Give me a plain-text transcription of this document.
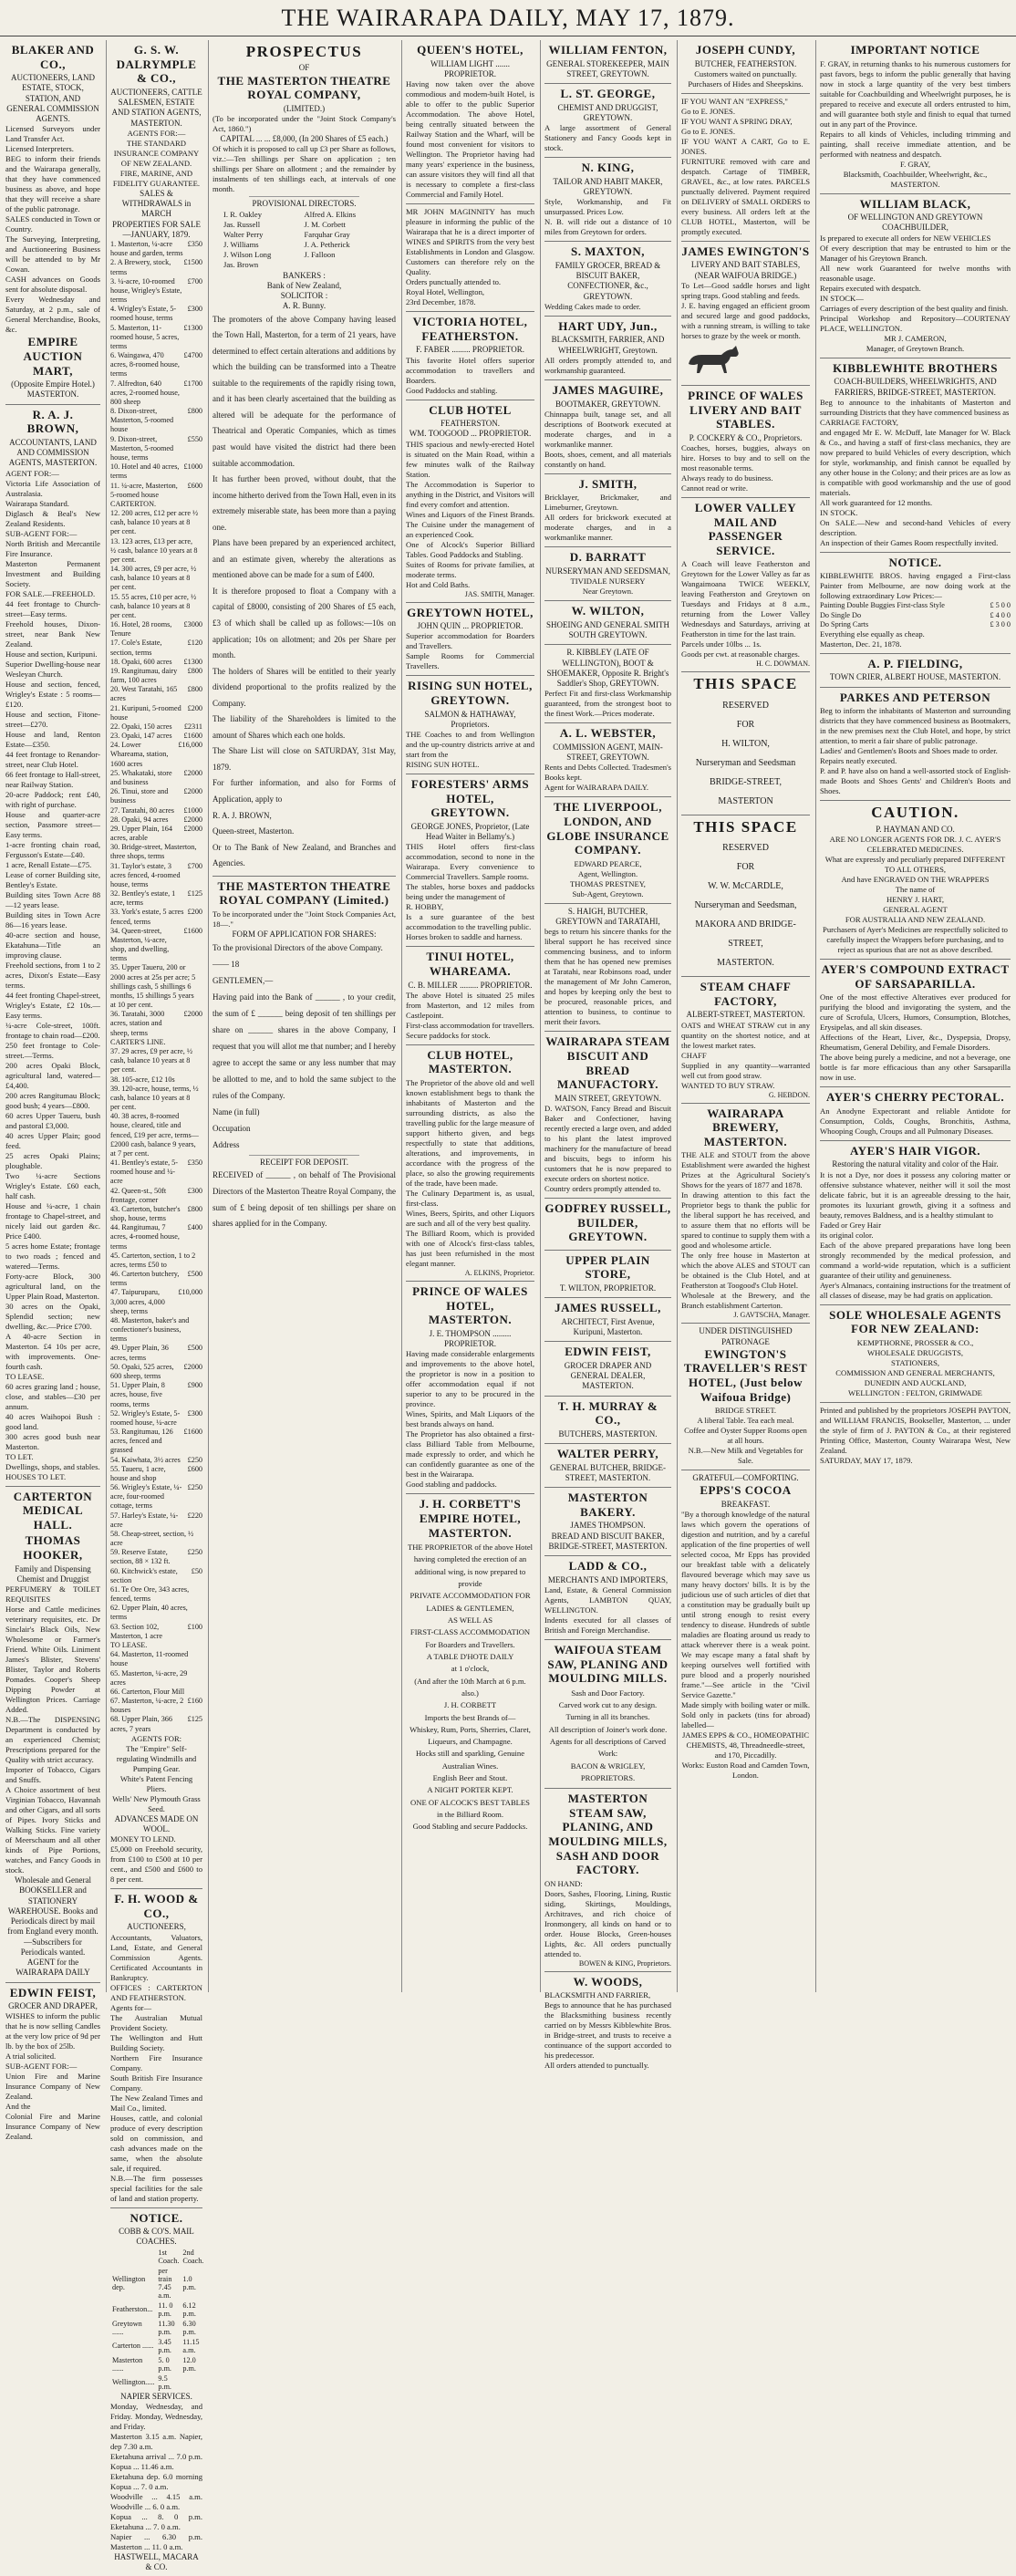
THE WAIRARAPA DAILY, MAY 17, 1879.
BLAKER AND CO.,
AUCTIONEERS, LAND ESTATE, STOCK, STATION, AND GENERAL COMMISSION AGENTS.
Licensed Surveyors under Land Transfer Act.
Licensed Interpreters.
BEG to inform their friends and the Wairarapa generally, that they have commenced business as above, and hope that they will receive a share of the public patronage.
SALES conducted in Town or Country.
The Surveying, Interpreting, and Auctioneering Business will be attended to by Mr Cowan.
CASH advances on Goods sent for absolute disposal.
Every Wednesday and Saturday, at 2 p.m., sale of General Merchandise, Books, &c.
EMPIRE AUCTION MART,
(Opposite Empire Hotel.)
MASTERTON.
R. A. J. BROWN,
ACCOUNTANTS, LAND AND COMMISSION AGENTS, MASTERTON.
AGENT FOR:—
Victoria Life Association of Australasia.
Wairarapa Standard.
Diglasch & Beal's New Zealand Residents.
SUB-AGENT FOR:—
North British and Mercantile Fire Insurance.
Masterton Permanent Investment and Building Society.
FOR SALE.—FREEHOLD.
44 feet frontage to Church-street—Easy terms.
Freehold houses, Dixon-street, near Bank New Zealand.
House and section, Kuripuni.
Superior Dwelling-house near Wesleyan Church.
House and section, fenced, Wrigley's Estate : 5 rooms—£120.
House and section, Fitone-street—£270.
House and land, Renton Estate—£350.
44 feet frontage to Renandor-street, near Club Hotel.
66 feet frontage to Hall-street, near Railway Station.
20-acre Paddock; rent £40, with right of purchase.
House and quarter-acre section, Passmore street—Easy terms.
1-acre fronting chain road, Fergusson's Estate—£40.
1 acre, Renall Estate—£75.
Lease of corner Building site, Bentley's Estate.
Building sites Town Acre 88—12 years lease.
Building sites in Town Acre 86—16 years lease.
40-acre section and house, Ekatahuna—Title an improving clause.
Freehold sections, from 1 to 2 acres, Dixon's Estate—Easy terms.
44 feet fronting Chapel-street, Wrigley's Estate, £2 10s.—Easy terms.
¼-acre Cole-street, 100ft. frontage to chain road—£200.
250 feet frontage to Cole-street.—Terms.
200 acres Opaki Block, agricultural land, watered—£4,400.
200 acres Rangitumau Block; good bush; 4 years—£800.
60 acres Upper Taueru, bush and pastoral £3,000.
40 acres Upper Plain; good feed.
25 acres Opaki Plains; ploughable.
Two ¼-acre Sections Wrigley's Estate. £60 each, half cash.
House and ¼-acre, 1 chain frontage to Chapel-street, and nicely laid out garden &c. Price £400.
5 acres home Estate; frontage to two roads ; fenced and watered—Terms.
Forty-acre Block, 300 agricultural land, on the Upper Plain Road, Masterton.
30 acres on the Opaki, Splendid section; new dwelling, &c.—Price £700.
A 40-acre Section in Masterton. £4 10s per acre, with improvements. One-fourth cash.
TO LEASE.
60 acres grazing land ; house, close, and stables—£30 per annum.
40 acres Waihopoi Bush : good land.
300 acres good bush near Masterton.
TO LET.
Dwellings, shops, and stables.
HOUSES TO LET.
CARTERTON MEDICAL HALL.
THOMAS HOOKER,
Family and Dispensing Chemist and Druggist
PERFUMERY & TOILET REQUISITES
Horse and Cattle medicines veterinary requisites, etc. Dr Sinclair's Black Oils, New Wholesome or Farmer's Friend. White Oils. Liniment James's Blister, Stevens' Blister, Taylor and Roberts Pomades. Cooper's Sheep Dipping Powder at Wellington Prices. Carriage Added.
N.B.—The DISPENSING Department is conducted by an experienced Chemist; Prescriptions prepared for the Quality with strict accuracy.
Importer of Tobacco, Cigars and Snuffs.
A Choice assortment of best Virginian Tobacco, Havannah and other Cigars, and all sorts of Pipes. Ivory Sticks and Walking Sticks. Fine variety of Meerschaum and all other kinds of Pipe Portions, watches, and Fancy Goods in stock.
Wholesale and General BOOKSELLER and STATIONERY WAREHOUSE. Books and Periodicals direct by mail from England every month.—Subscribers for Periodicals wanted.
AGENT for the WAIRARAPA DAILY
EDWIN FEIST,
GROCER AND DRAPER,
WISHES to inform the public that he is now selling Candles at the very low price of 9d per lb. by the box of 25lb.
A trial solicited.
SUB-AGENT FOR:—
Union Fire and Marine Insurance Company of New Zealand.
And the
Colonial Fire and Marine Insurance Company of New Zealand.
G. S. W. DALRYMPLE & CO.,
AUCTIONEERS, CATTLE SALESMEN, ESTATE AND STATION AGENTS, MASTERTON.
AGENTS FOR:—
THE STANDARD INSURANCE COMPANY OF NEW ZEALAND.
FIRE, MARINE, AND FIDELITY GUARANTEE.
SALES & WITHDRAWALS in MARCH
PROPERTIES FOR SALE—JANUARY, 1879.
1. Masterton, ¼-acre house and garden, terms
£350
2. A Brewery, stock, terms
£1500
3. ¼-acre, 10-roomed house, Wrigley's Estate, terms
£700
4. Wrigley's Estate, 5-roomed house, terms
£300
5. Masterton, 11-roomed house, 5 acres, terms
£1300
6. Waingawa, 470 acres, 8-roomed house, terms
£4700
7. Alfredton, 640 acres, 2-roomed house, 800 sheep
£1700
8. Dixon-street, Masterton, 5-roomed house
£800
9. Dixon-street, Masterton, 5-roomed house, terms
£550
10. Hotel and 40 acres, terms
£1000
11. ¼-acre, Masterton, 5-roomed house
£600
CARTERTON.
12. 200 acres, £12 per acre ½ cash, balance 10 years at 8 per cent.
13. 123 acres, £13 per acre, ½ cash, balance 10 years at 8 per cent.
14. 300 acres, £9 per acre, ½ cash, balance 10 years at 8 per cent.
15. 55 acres, £10 per acre, ½ cash, balance 10 years at 8 per cent.
16. Hotel, 28 rooms, Tenure
£3000
17. Cole's Estate, section, terms
£120
18. Opaki, 600 acres	£1300
19. Rangitumau, dairy farm, 100 acres
£800
20. West Taratahi, 165 acres
£800
21. Kuripuni, 5-roomed house
£200
22. Opaki, 150 acres	£2311
23. Opaki, 147 acres	£1600
24. Lower Whareama, station, 1600 acres
£16,000
25. Whakataki, store and business
£2000
26. Tinui, store and business
£2000
27. Taratahi, 80 acres	£1000
28. Opaki, 94 acres	£2000
29. Upper Plain, 164 acres, arable
£2000
30. Bridge-street, Masterton, three shops, terms
31. Taylor's estate, 3 acres fenced, 4-roomed house, terms
£700
32. Bentley's estate, 1 acre, terms
£125
33. York's estate, 5 acres fenced, terms
£200
34. Queen-street, Masterton, ¼-acre, shop, and dwelling, terms
£1600
35. Upper Taueru, 200 or 2000 acres at 25s per acre; 5 shillings cash, 5 shillings 6 months, 15 shillings 5 years at 10 per cent.
36. Taratahi, 3000 acres, station and sheep, terms
£2000
CARTER'S LINE.
37. 29 acres, £9 per acre, ½ cash, balance 10 years at 8 per cent.
38. 105-acre, £12 10s
39. 120-acre, house, terms, ½ cash, balance 10 years at 8 per cent.
40. 38 acres, 8-roomed house, cleared, title and fenced, £19 per acre, terms—£2000 cash, balance 9 years, at 7 per cent.
41. Bentley's estate, 5-roomed house and ¼-acre
£350
42. Queen-st., 50ft frontage, corner
£300
43. Carterton, butcher's shop, house, terms
£800
44. Rangitumau, 7 acres, 4-roomed house, terms
£400
45. Carterton, section, 1 to 2 acres, terms £50 to
46. Carterton butchery, terms
£500
47. Taipuruparu, 3,000 acres, 4,000 sheep, terms
£10,000
48. Masterton, baker's and confectioner's business, terms
49. Upper Plain, 36 acres, terms
£500
50. Opaki, 525 acres, 600 sheep, terms
£2000
51. Upper Plain, 8 acres, house, five rooms, terms
£900
52. Wrigley's Estate, 5-roomed house, ¼-acre
£300
53. Rangitumau, 126 acres, fenced and grassed
£1600
54. Kaiwhata, 3½ acres £250
55. Taueru, 1 acre, house and shop
£600
56. Wrigley's Estate, ¼-acre, four-roomed cottage, terms
£250
57. Harley's Estate, ¼-acre
£220
58. Cheap-street, section, ½ acre
59. Reserve Estate, section, 88 × 132 ft.
£250
60. Kitchwick's estate, section
£50
61. Te Ore Ore, 343 acres, fenced, terms
62. Upper Plain, 40 acres, terms
63. Section 102, Masterton, 1 acre
£100
TO LEASE.
64. Masterton, 11-roomed house
65. Masterton, ¼-acre, 29 acres
66. Carterton, Flour Mill
67. Masterton, ¼-acre, 2 houses
£160
68. Upper Plain, 366 acres, 7 years
£125
AGENTS FOR:
The "Empire" Self-regulating Windmills and Pumping Gear.
White's Patent Fencing Pliers.
Wells' New Plymouth Grass Seed.
ADVANCES MADE ON WOOL.
MONEY TO LEND.
£5,000 on Freehold security, from £100 to £500 at 10 per cent., and £500 and £600 to 8 per cent.
F. H. WOOD & CO.,
AUCTIONEERS,
Accountants, Valuators, Land, Estate, and General Commission Agents. Certificated Accountants in Bankruptcy.
OFFICES : CARTERTON AND FEATHERSTON.
Agents for—
The Australian Mutual Provident Society.
The Wellington and Hutt Building Society.
Northern Fire Insurance Company.
South British Fire Insurance Company.
The New Zealand Times and Mail Co., limited.
Houses, cattle, and colonial produce of every description sold on commission, and cash advances made on the same, when the absolute sale, if required.
N.B.—The firm possesses special facilities for the sale of land and station property.
NOTICE.
COBB & CO'S. MAIL COACHES.
	1st Coach.	2nd Coach.
Wellington dep.	per train 7.45 a.m.	1.0 p.m.
Featherston...	11. 0 p.m.	6.12 p.m.
Greytown ......	11.30 p.m.	6.30 p.m.
Carterton ......	3.45 p.m.	11.15 a.m.
Masterton ......	5. 0 p.m.	12.0 p.m.
Wellington.....	9.5 p.m.	
NAPIER SERVICES.
Monday, Wednesday, and Friday. Monday, Wednesday, and Friday.
Masterton 3.15 a.m. Napier, dep 7.30 a.m.
Eketahuna arrival ... 7.0 p.m. Kopua ... 11.46 a.m.
Eketahuna dep. 6.0 morning Kopua ... 7. 0 a.m.
Woodville ... 4.15 a.m. Woodville ... 6. 0 a.m.
Kopua ... 8. 0 p.m. Eketahuna ... 7. 0 a.m.
Napier ... 6.30 p.m. Masterton ... 11. 0 a.m.
HASTWELL, MACARA & CO.
PROSPECTUS
OF
THE MASTERTON THEATRE ROYAL COMPANY,
(LIMITED.)
(To be incorporated under the "Joint Stock Company's Act, 1860.")
CAPITAL ... ... £8,000, (In 200 Shares of £5 each.)
Of which it is proposed to call up £3 per Share as follows, viz.:—Ten shillings per Share on application ; ten shillings per Share on allotment ; and the remainder by instalments of ten shillings each, at intervals of one month.
PROVISIONAL DIRECTORS.
I. R. Oakley	Alfred A. Elkins
Jas. Russell	J. M. Corbett
Walter Perry	Farquhar Gray
J. Williams	J. A. Petherick
J. Wilson Long	J. Falloon
Jas. Brown
BANKERS :
Bank of New Zealand,
SOLICITOR :
A. R. Bunny.
The promoters of the above Company having leased the Town Hall, Masterton, for a term of 21 years, have determined to effect certain alterations and additions by which the building can be transformed into a Theatre suitable to the requirements of the rapidly rising town, and it has been clearly ascertained that the building as altered will be adequate for the performance of Theatrical and Operatic Companies, which as times past would have visited the district had there been suitable accommodation.
It has further been proved, without doubt, that the income hitherto derived from the Town Hall, even in its extremely miserable state, has been more than a paying one.
Plans have been prepared by an experienced architect, and an estimate given, whereby the alterations as mentioned above can be made for a sum of £400.
It is therefore proposed to float a Company with a capital of £8000, consisting of 200 Shares of £5 each, £3 of which shall be called up as follows:—10s on application; 10s on allotment; and 20s per Share per month.
The holders of Shares will be entitled to their yearly dividend proportional to the profits realized by the Company.
The liability of the Shareholders is limited to the amount of Shares which each one holds.
The Share List will close on SATURDAY, 31st May, 1879.
For further information, and also for Forms of Application, apply to
R. A. J. BROWN,
Queen-street, Masterton.
Or to The Bank of New Zealand, and Branches and Agencies.
THE MASTERTON THEATRE ROYAL COMPANY (Limited.)
To be incorporated under the "Joint Stock Companies Act, 18—."
FORM OF APPLICATION FOR SHARES:
To the provisional Directors of the above Company.
—— 18
GENTLEMEN,—
Having paid into the Bank of ______ , to your credit, the sum of £ ______ being deposit of ten shillings per share on ______ shares in the above Company, I request that you will allot me that number; and I hereby agree to accept the same or any less number that may be allotted to me, and to hold the same subject to the rules of the Company.
Name (in full)
Occupation
Address
RECEIPT FOR DEPOSIT.
RECEIVED of ______ , on behalf of The Provisional Directors of the Masterton Theatre Royal Company, the sum of £ being deposit of ten shillings per share on shares applied for in the Company.
QUEEN'S HOTEL,
WILLIAM LIGHT ....... PROPRIETOR.
Having now taken over the above commodious and modern-built Hotel, is able to offer to the public Superior Accommodation. The above Hotel, being centrally situated between the Railway Station and the Wharf, will be found most convenient for visitors to Wellington. The Proprietor having had many years' experience in the business, can assure visitors they will find all that is necessary to complete a first-class Commercial and Family Hotel.
MR JOHN MAGINNITY has much pleasure in informing the public of the Wairarapa that he is a direct importer of WINES and SPIRITS from the very best Establishments in London and Glasgow. Customers can therefore rely on the Quality.
Orders punctually attended to.
Royal Hotel, Wellington,
23rd December, 1878.
VICTORIA HOTEL, FEATHERSTON.
F. FABER ......... PROPRIETOR.
This favorite Hotel offers superior accommodation to travellers and Boarders.
Good Paddocks and stabling.
CLUB HOTEL
FEATHERSTON.
WM. TOOGOOD ... PROPRIETOR.
THIS spacious and newly-erected Hotel is situated on the Main Road, within a few minutes walk of the Railway Station.
The Accommodation is Superior to anything in the District, and Visitors will find every comfort and attention.
Wines and Liquors of the Finest Brands. The Cuisine under the management of an experienced Cook.
One of Alcock's Superior Billiard Tables. Good Paddocks and Stabling.
Suites of Rooms for private families, at moderate terms.
Hot and Cold Baths.
JAS. SMITH, Manager.
GREYTOWN HOTEL,
JOHN QUIN ... PROPRIETOR.
Superior accommodation for Boarders and Travellers.
Sample Rooms for Commercial Travellers.
RISING SUN HOTEL, GREYTOWN.
SALMON & HATHAWAY, Proprietors.
THE Coaches to and from Wellington and the up-country districts arrive at and start from the
RISING SUN HOTEL.
FORESTERS' ARMS HOTEL, GREYTOWN.
GEORGE JONES, Proprietor, (Late Head Waiter in Bellamy's.)
THIS Hotel offers first-class accommodation, second to none in the Wairarapa. Every convenience to Commercial Travellers. Sample rooms.
The stables, horse boxes and paddocks being under the management of
R. HOBBY,
Is a sure guarantee of the best accommodation to the travelling public.
Horses broken to saddle and harness.
TINUI HOTEL, WHAREAMA.
C. B. MILLER ......... PROPRIETOR.
The above Hotel is situated 25 miles from Masterton, and 12 miles from Castlepoint.
First-class accommodation for travellers.
Secure paddocks for stock.
CLUB HOTEL, MASTERTON.
The Proprietor of the above old and well known establishment begs to thank the inhabitants of Masterton and the surrounding districts, as also the travelling public for the large measure of support hitherto given, and begs respectfully to state that additions, alterations, and improvements, in accordance with the progress of the place, so also the growing requirements of the trade, have been made.
The Culinary Department is, as usual, first-class.
Wines, Beers, Spirits, and other Liquors are such and all of the very best quality.
The Billiard Room, which is provided with one of Alcock's first-class tables, has just been refurnished in the most elegant manner.
A. ELKINS, Proprietor.
PRINCE OF WALES HOTEL, MASTERTON.
J. E. THOMPSON ......... PROPRIETOR.
Having made considerable enlargements and improvements to the above hotel, the proprietor is now in a position to offer accommodation equal if not superior to any to be procured in the province.
Wines, Spirits, and Malt Liquors of the best brands always on hand.
The Proprietor has also obtained a first-class Billiard Table from Melbourne, made expressly to order, and which he can confidently guarantee as one of the best in the Wairarapa.
Good stabling and paddocks.
J. H. CORBETT'S EMPIRE HOTEL, MASTERTON.
THE PROPRIETOR of the above Hotel having completed the erection of an additional wing, is now prepared to provide
PRIVATE ACCOMMODATION FOR LADIES & GENTLEMEN,
AS WELL AS
FIRST-CLASS ACCOMMODATION
For Boarders and Travellers.
A TABLE D'HOTE DAILY
at 1 o'clock,
(And after the 10th March at 6 p.m. also.)
J. H. CORBETT
Imports the best Brands of—
Whiskey, Rum, Ports, Sherries, Claret, Liqueurs, and Champagne.
Hocks still and sparkling, Genuine Australian Wines.
English Beer and Stout.
A NIGHT PORTER KEPT.
ONE OF ALCOCK'S BEST TABLES
in the Billiard Room.
Good Stabling and secure Paddocks.
WILLIAM FENTON,
GENERAL STOREKEEPER, MAIN STREET, GREYTOWN.
L. ST. GEORGE,
CHEMIST AND DRUGGIST, GREYTOWN.
A large assortment of General Stationery and Fancy Goods kept in stock.
N. KING,
TAILOR AND HABIT MAKER, GREYTOWN.
Style, Workmanship, and Fit unsurpassed. Prices Low.
N. B. will ride out a distance of 10 miles from Greytown for orders.
S. MAXTON,
FAMILY GROCER, BREAD & BISCUIT BAKER, CONFECTIONER, &c., GREYTOWN.
Wedding Cakes made to order.
HART UDY, Jun.,
BLACKSMITH, FARRIER, AND WHEELWRIGHT, Greytown.
All orders promptly attended to, and workmanship guaranteed.
JAMES MAGUIRE,
BOOTMAKER, GREYTOWN.
Chinnappa built, tanage set, and all descriptions of Bootwork executed at moderate charges, and in a workmanlike manner.
Boots, shoes, cement, and all materials constantly on hand.
J. SMITH,
Bricklayer, Brickmaker, and Limeburner, Greytown.
All orders for brickwork executed at moderate charges, and in a workmanlike manner.
D. BARRATT
NURSERYMAN AND SEEDSMAN,
TIVIDALE NURSERY
Near Greytown.
W. WILTON,
SHOEING AND GENERAL SMITH SOUTH GREYTOWN.
R. KIBBLEY (LATE OF WELLINGTON), BOOT & SHOEMAKER, Opposite R. Bright's Saddler's Shop, GREYTOWN.
Perfect Fit and first-class Workmanship guaranteed, from the strongest boot to the finest Work.—Prices moderate.
A. L. WEBSTER,
COMMISSION AGENT, MAIN-STREET, GREYTOWN.
Rents and Debts Collected. Tradesmen's Books kept.
Agent for WAIRARAPA DAILY.
THE LIVERPOOL, LONDON, AND GLOBE INSURANCE COMPANY.
EDWARD PEARCE,
Agent, Wellington.
THOMAS PRESTNEY,
Sub-Agent, Greytown.
S. HAIGH, BUTCHER, GREYTOWN and TARATAHI,
begs to return his sincere thanks for the liberal support he has received since commencing business, and to inform them that he has opened new premises at Taratahi, near Robinsons road, under the management of Mr John Cameron, and hopes by keeping only the best to be procured, reasonable prices, and attention to business, to continue to merit their favors.
WAIRARAPA STEAM BISCUIT AND BREAD MANUFACTORY.
MAIN STREET, GREYTOWN.
D. WATSON, Fancy Bread and Biscuit Baker and Confectioner, having recently erected a large oven, and added to his plant the latest improved machinery for the manufacture of bread and biscuits, begs to inform his customers that he is now prepared to execute orders on shortest notice.
Country orders promptly attended to.
GODFREY RUSSELL, BUILDER, GREYTOWN.
UPPER PLAIN STORE,
T. WILTON, PROPRIETOR.
JAMES RUSSELL,
ARCHITECT, First Avenue, Kuripuni, Masterton.
EDWIN FEIST,
GROCER DRAPER AND GENERAL DEALER, MASTERTON.
T. H. MURRAY & CO.,
BUTCHERS, MASTERTON.
WALTER PERRY,
GENERAL BUTCHER, BRIDGE-STREET, MASTERTON.
MASTERTON BAKERY.
JAMES THOMPSON.
BREAD AND BISCUIT BAKER, BRIDGE-STREET, MASTERTON.
LADD & CO.,
MERCHANTS AND IMPORTERS,
Land, Estate, & General Commission Agents, LAMBTON QUAY, WELLINGTON.
Indents executed for all classes of British and Foreign Merchandise.
WAIFOUA STEAM SAW, PLANING AND MOULDING MILLS.
Sash and Door Factory.
Carved work cut to any design.
Turning in all its branches.
All description of Joiner's work done.
Agents for all descriptions of Carved Work:
BACON & WRIGLEY, PROPRIETORS.
MASTERTON STEAM SAW, PLANING, AND MOULDING MILLS, SASH AND DOOR FACTORY.
ON HAND:
Doors, Sashes, Flooring, Lining, Rustic siding, Skirtings, Mouldings, Architraves, and rich choice of Ironmongery, all kinds on hand or to order. House Blocks, Green-houses Lights, &c. All orders punctually attended to.
BOWEN & KING, Proprietors.
W. WOODS,
BLACKSMITH AND FARRIER,
Begs to announce that he has purchased the Blacksmithing business recently carried on by Messrs Kibblewhite Bros. in Bridge-street, and trusts to receive a continuance of the support accorded to his predecessor.
All orders attended to punctually.
JOSEPH CUNDY,
BUTCHER, FEATHERSTON.
Customers waited on punctually.
Purchasers of Hides and Sheepskins.
IF YOU WANT AN "EXPRESS,"
Go to E. JONES.
IF YOU WANT A SPRING DRAY,
Go to E. JONES.
IF YOU WANT A CART, Go to E. JONES.
FURNITURE removed with care and despatch. Cartage of TIMBER, GRAVEL, &c., at low rates. PARCELS punctually delivered. Payment required on DELIVERY of SMALL ORDERS to every business. All orders left at the CLUB HOTEL, Masterton, will be promptly executed.
JAMES EWINGTON'S
LIVERY AND BAIT STABLES, (NEAR WAIFOUA BRIDGE.)
To Let—Good saddle horses and light spring traps. Good stabling and feeds.
J. E. having engaged an efficient groom and secured large and good paddocks, with a running stream, is willing to take horses to graze by the week or month.
PRINCE OF WALES LIVERY AND BAIT STABLES.
P. COCKERY & CO., Proprietors.
Coaches, horses, buggies, always on hire. Horses to buy and to sell on the most reasonable terms.
Always ready to do business.
Cannot read or write.
LOWER VALLEY MAIL AND PASSENGER SERVICE.
A Coach will leave Featherston and Greytown for the Lower Valley as far as Wangaimoana TWICE WEEKLY, leaving Featherston and Greytown on Tuesdays and Fridays at 8 a.m., returning from the Lower Valley Wednesdays and Saturdays, arriving at Featherston in time for the last train.
Parcels under 10lbs ... 1s.
Goods per cwt. at reasonable charges.
H. C. DOWMAN.
THIS SPACE
RESERVED
FOR
H. WILTON,
Nurseryman and Seedsman
BRIDGE-STREET,
MASTERTON
THIS SPACE
RESERVED
FOR
W. W. McCARDLE,
Nurseryman and Seedsman,
MAKORA AND BRIDGE-STREET,
MASTERTON.
STEAM CHAFF FACTORY,
ALBERT-STREET, MASTERTON.
OATS and WHEAT STRAW cut in any quantity on the shortest notice, and at the lowest market rates.
CHAFF
Supplied in any quantity—warranted well cut from good straw.
WANTED TO BUY STRAW.
G. HEBDON.
WAIRARAPA BREWERY, MASTERTON.
THE ALE and STOUT from the above Establishment were awarded the highest Prizes at the Agricultural Society's Shows for the years of 1877 and 1878.
In drawing attention to this fact the Proprietor begs to thank the public for the liberal support he has received, and to assure them that no efforts will be spared to continue to supply them with a good and wholesome article.
The only free house in Masterton at which the above ALES and STOUT can be obtained is the Club Hotel, and at Featherston at Toogood's Club Hotel.
Wholesale at the Brewery, and the Branch establishment Carterton.
J. GAVTSCHA, Manager.
UNDER DISTINGUISHED PATRONAGE
EWINGTON'S TRAVELLER'S REST HOTEL, (Just below Waifoua Bridge)
BRIDGE STREET.
A liberal Table. Tea each meal.
Coffee and Oyster Supper Rooms open at all hours.
N.B.—New Milk and Vegetables for Sale.
GRATEFUL—COMFORTING.
EPPS'S COCOA
BREAKFAST.
"By a thorough knowledge of the natural laws which govern the operations of digestion and nutrition, and by a careful application of the fine properties of well selected cocoa, Mr Epps has provided our breakfast table with a delicately flavoured beverage which may save us many heavy doctors' bills. It is by the judicious use of such articles of diet that a constitution may be gradually built up until strong enough to resist every tendency to disease. Hundreds of subtle maladies are floating around us ready to attack wherever there is a weak point. We may escape many a fatal shaft by keeping ourselves well fortified with pure blood and a properly nourished frame."—See article in the "Civil Service Gazette."
Made simply with boiling water or milk. Sold only in packets (tins for abroad) labelled—
JAMES EPPS & CO., HOMEOPATHIC CHEMISTS, 48, Threadneedle-street, and 170, Piccadilly.
Works: Euston Road and Camden Town, London.
IMPORTANT NOTICE
F. GRAY, in returning thanks to his numerous customers for past favors, begs to inform the public generally that having now in stock a large quantity of the very best timbers suitable for Coachbuilding and Wheelwright purposes, he is prepared to receive and execute all orders entrusted to him, and will guarantee both style and finish to equal that turned out in any part of the Province.
Repairs to all kinds of Vehicles, including trimming and painting, shall receive immediate attention, and be performed with neatness and despatch.
F. GRAY,
Blacksmith, Coachbuilder, Wheelwright, &c., MASTERTON.
WILLIAM BLACK,
OF WELLINGTON AND GREYTOWN COACHBUILDER,
Is prepared to execute all orders for NEW VEHICLES
Of every description that may be entrusted to him or the Manager of his Greytown Branch.
All new work Guaranteed for twelve months with reasonable usage.
Repairs executed with despatch.
IN STOCK—
Carriages of every description of the best quality and finish.
Principal Workshop and Repository—COURTENAY PLACE, WELLINGTON.
MR J. CAMERON,
Manager, of Greytown Branch.
KIBBLEWHITE BROTHERS
COACH-BUILDERS, WHEELWRIGHTS, AND FARRIERS, BRIDGE-STREET, MASTERTON.
Beg to announce to the inhabitants of Masterton and surrounding Districts that they have commenced business as
CARRIAGE FACTORY,
and engaged Mr E. W. McDuff, late Manager for W. Black & Co., and having a staff of first-class mechanics, they are now prepared to build Vehicles of every description, which for style, workmanship, and finish cannot be equalled by any other house in the Colony; and their prices are as low as is compatible with good workmanship and the use of good materials.
All work guaranteed for 12 months.
IN STOCK.
On SALE.—New and second-hand Vehicles of every description.
An inspection of their Games Room respectfully invited.
NOTICE.
KIBBLEWHITE BROS. having engaged a First-class Painter from Melbourne, are now doing work at the following extraordinary Low Prices:—
Painting Double Buggies First-class Style	£ 5 0 0
Do Single Do	£ 4 0 0
Do Spring Carts	£ 3 0 0
Everything else equally as cheap.
Masterton, Dec. 21, 1878.
A. P. FIELDING,
TOWN CRIER, ALBERT HOUSE, MASTERTON.
PARKES AND PETERSON
Beg to inform the inhabitants of Masterton and surrounding districts that they have commenced business as Bootmakers, in the new premises next the Club Hotel, and hope, by strict attention, to merit a fair share of public patronage.
Ladies' and Gentlemen's Boots and Shoes made to order.
Repairs neatly executed.
P. and P. have also on hand a well-assorted stock of English-made Boots and Shoes Gents' and Children's Boots and Shoes.
CAUTION.
P. HAYMAN AND CO.
ARE NO LONGER AGENTS FOR DR. J. C. AYER'S CELEBRATED MEDICINES.
What are expressly and peculiarly prepared DIFFERENT TO ALL OTHERS,
And have ENGRAVED ON THE WRAPPERS
The name of
HENRY J. HART,
GENERAL AGENT
FOR AUSTRALIA AND NEW ZEALAND.
Purchasers of Ayer's Medicines are respectfully solicited to carefully inspect the Wrappers before purchasing, and to reject as spurious that are not as above described.
AYER'S COMPOUND EXTRACT OF SARSAPARILLA.
One of the most effective Alteratives ever produced for purifying the blood and invigorating the system, and the cure of Scrofula, Ulcers, Humors, Consumption, Blotches, Erysipelas, and all skin diseases.
Affections of the Heart, Liver, &c., Dyspepsia, Dropsy, Rheumatism, General Debility, and Female Disorders.
The above being purely a medicine, and not a beverage, one bottle is far more efficacious than any other Sarsaparilla now in use.
AYER'S CHERRY PECTORAL.
An Anodyne Expectorant and reliable Antidote for Consumption, Colds, Coughs, Bronchitis, Asthma, Whooping Cough, Croups and all Pulmonary Diseases.
AYER'S HAIR VIGOR.
Restoring the natural vitality and color of the Hair.
It is not a Dye, nor does it possess any coloring matter or offensive substance whatever, neither will it soil the most delicate fabric, but it is an agreeable dressing to the hair, promotes its luxuriant growth, giving it a softness and beauty, removes Baldness, and is a healthy stimulant to
Faded or Grey Hair
its original color.
Each of the above prepared preparations have long been strongly recommended by the medical profession, and command a world-wide reputation, which is a sufficient guarantee of their utility and genuineness.
Ayer's Almanacs, containing instructions for the treatment of all classes of disease, may be had gratis on application.
SOLE WHOLESALE AGENTS FOR NEW ZEALAND:
KEMPTHORNE, PROSSER & CO.,
WHOLESALE DRUGGISTS,
STATIONERS,
COMMISSION AND GENERAL MERCHANTS,
DUNEDIN AND AUCKLAND,
WELLINGTON : FELTON, GRIMWADE
Printed and published by the proprietors JOSEPH PAYTON, and WILLIAM FRANCIS, Bookseller, Masterton, ... under the style of firm of J. PAYTON & Co., at their registered Printing Office, Masterton, County Wairarapa West, New Zealand.
SATURDAY, MAY 17, 1879.
